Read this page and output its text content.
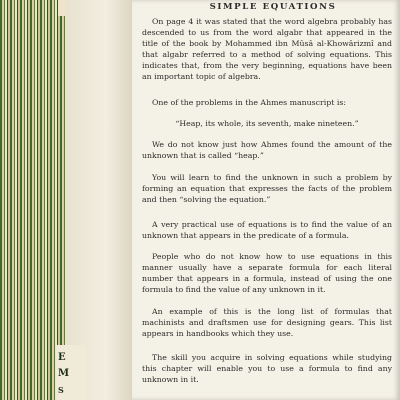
E
M
S
SIMPLE EQUATIONS

On page 4 it was stated that the word algebra probably has descended to us from the word algabr that appeared in the title of the book by Mohammed ibn Mûsâ al-Khowârizmî and that algabr referred to a method of solving equations. This indicates that, from the very beginning, equations have been an important topic of algebra.

One of the problems in the Ahmes manuscript is:

“Heap, its whole, its seventh, make nineteen.”

We do not know just how Ahmes found the amount of the unknown that is called “heap.”

You will learn to find the unknown in such a problem by forming an equation that expresses the facts of the problem and then “solving the equation.”

A very practical use of equations is to find the value of an unknown that appears in the predicate of a formula.

People who do not know how to use equations in this manner usually have a separate formula for each literal number that appears in a formula, instead of using the one formula to find the value of any unknown in it.

An example of this is the long list of formulas that machinists and draftsmen use for designing gears. This list appears in handbooks which they use.

The skill you acquire in solving equations while studying this chapter will enable you to use a formula to find any unknown in it.
